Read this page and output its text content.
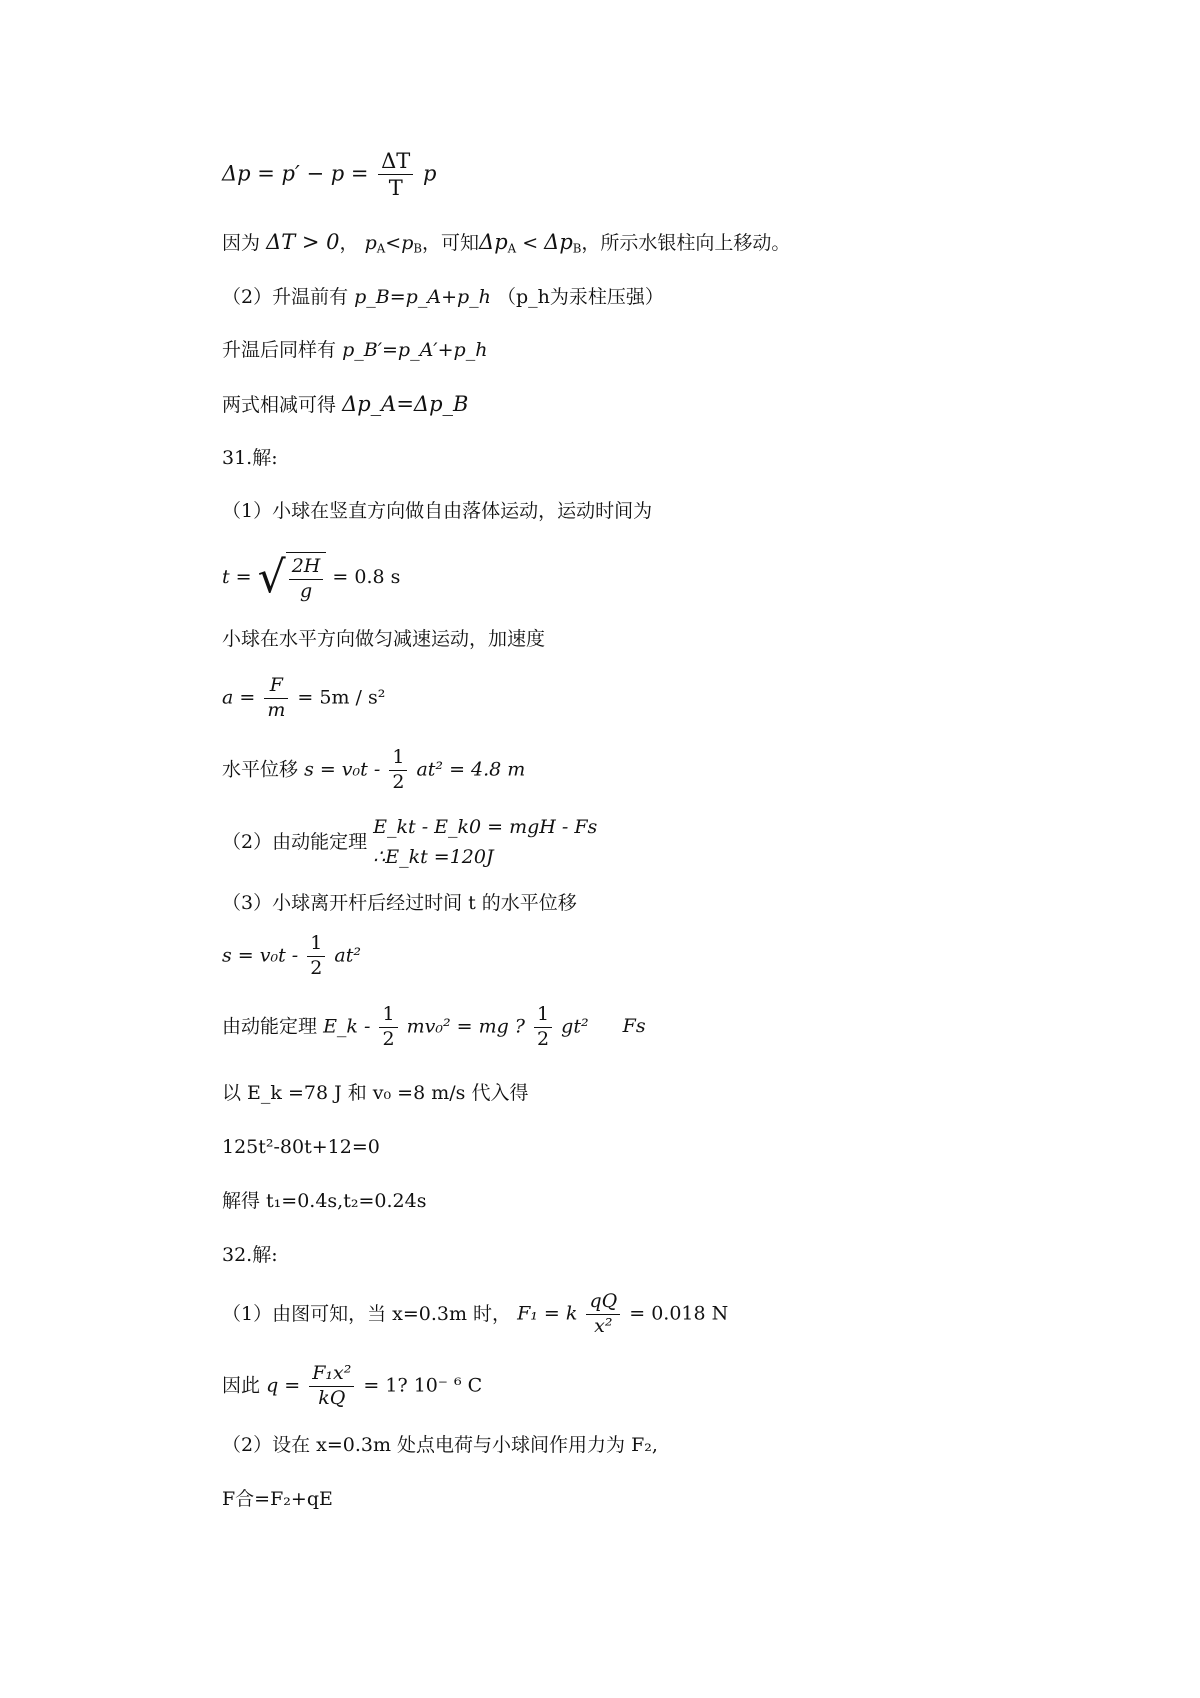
$\Delta p = p' - p = \frac{\Delta T}{T}$ p
因为 ΔT > 0， $p_A<p_B$，可知$\Delta p_A < \Delta p_B$，所示水银柱向上移动。
（2）升温前有 p_B=p_A+p_h （p_h为汞柱压强）
升温后同样有 p_B′=p_A′+p_h
两式相减可得 Δp_A=Δp_B
31.解:
（1）小球在竖直方向做自由落体运动，运动时间为
t = √ $\frac{2H}{g} = 0.8$ s
小球在水平方向做匀减速运动，加速度
$a = \frac{F}{m} = 5m / s^2$
水平位移 $s = v_0t - \frac{1}{2} at^2 = 4.8$ m
（2）由动能定理
E_kt - E_k0 = mgH - Fs
∴E_kt =120J
（3）小球离开杆后经过时间 t 的水平位移
$s = v_0t - \frac{1}{2} at^2$
由动能定理 E_k - $\frac{1}{2} mv_0^2$ = mg ? $\frac{1}{2} gt^2$ Fs
以 E_k =78 J 和 v₀ =8 m/s 代入得
125t²-80t+12=0
解得 t₁=0.4s,t₂=0.24s
32.解:
（1）由图可知，当 x=0.3m 时， F₁ = k $\frac{qQ}{\text{x²}} = 0.018$ N
因此 $q = \frac{\text{F₁x²}}{kQ} = 1$? 10⁻ ⁶ C
（2）设在 x=0.3m 处点电荷与小球间作用力为 F₂,
F合=F₂+qE
